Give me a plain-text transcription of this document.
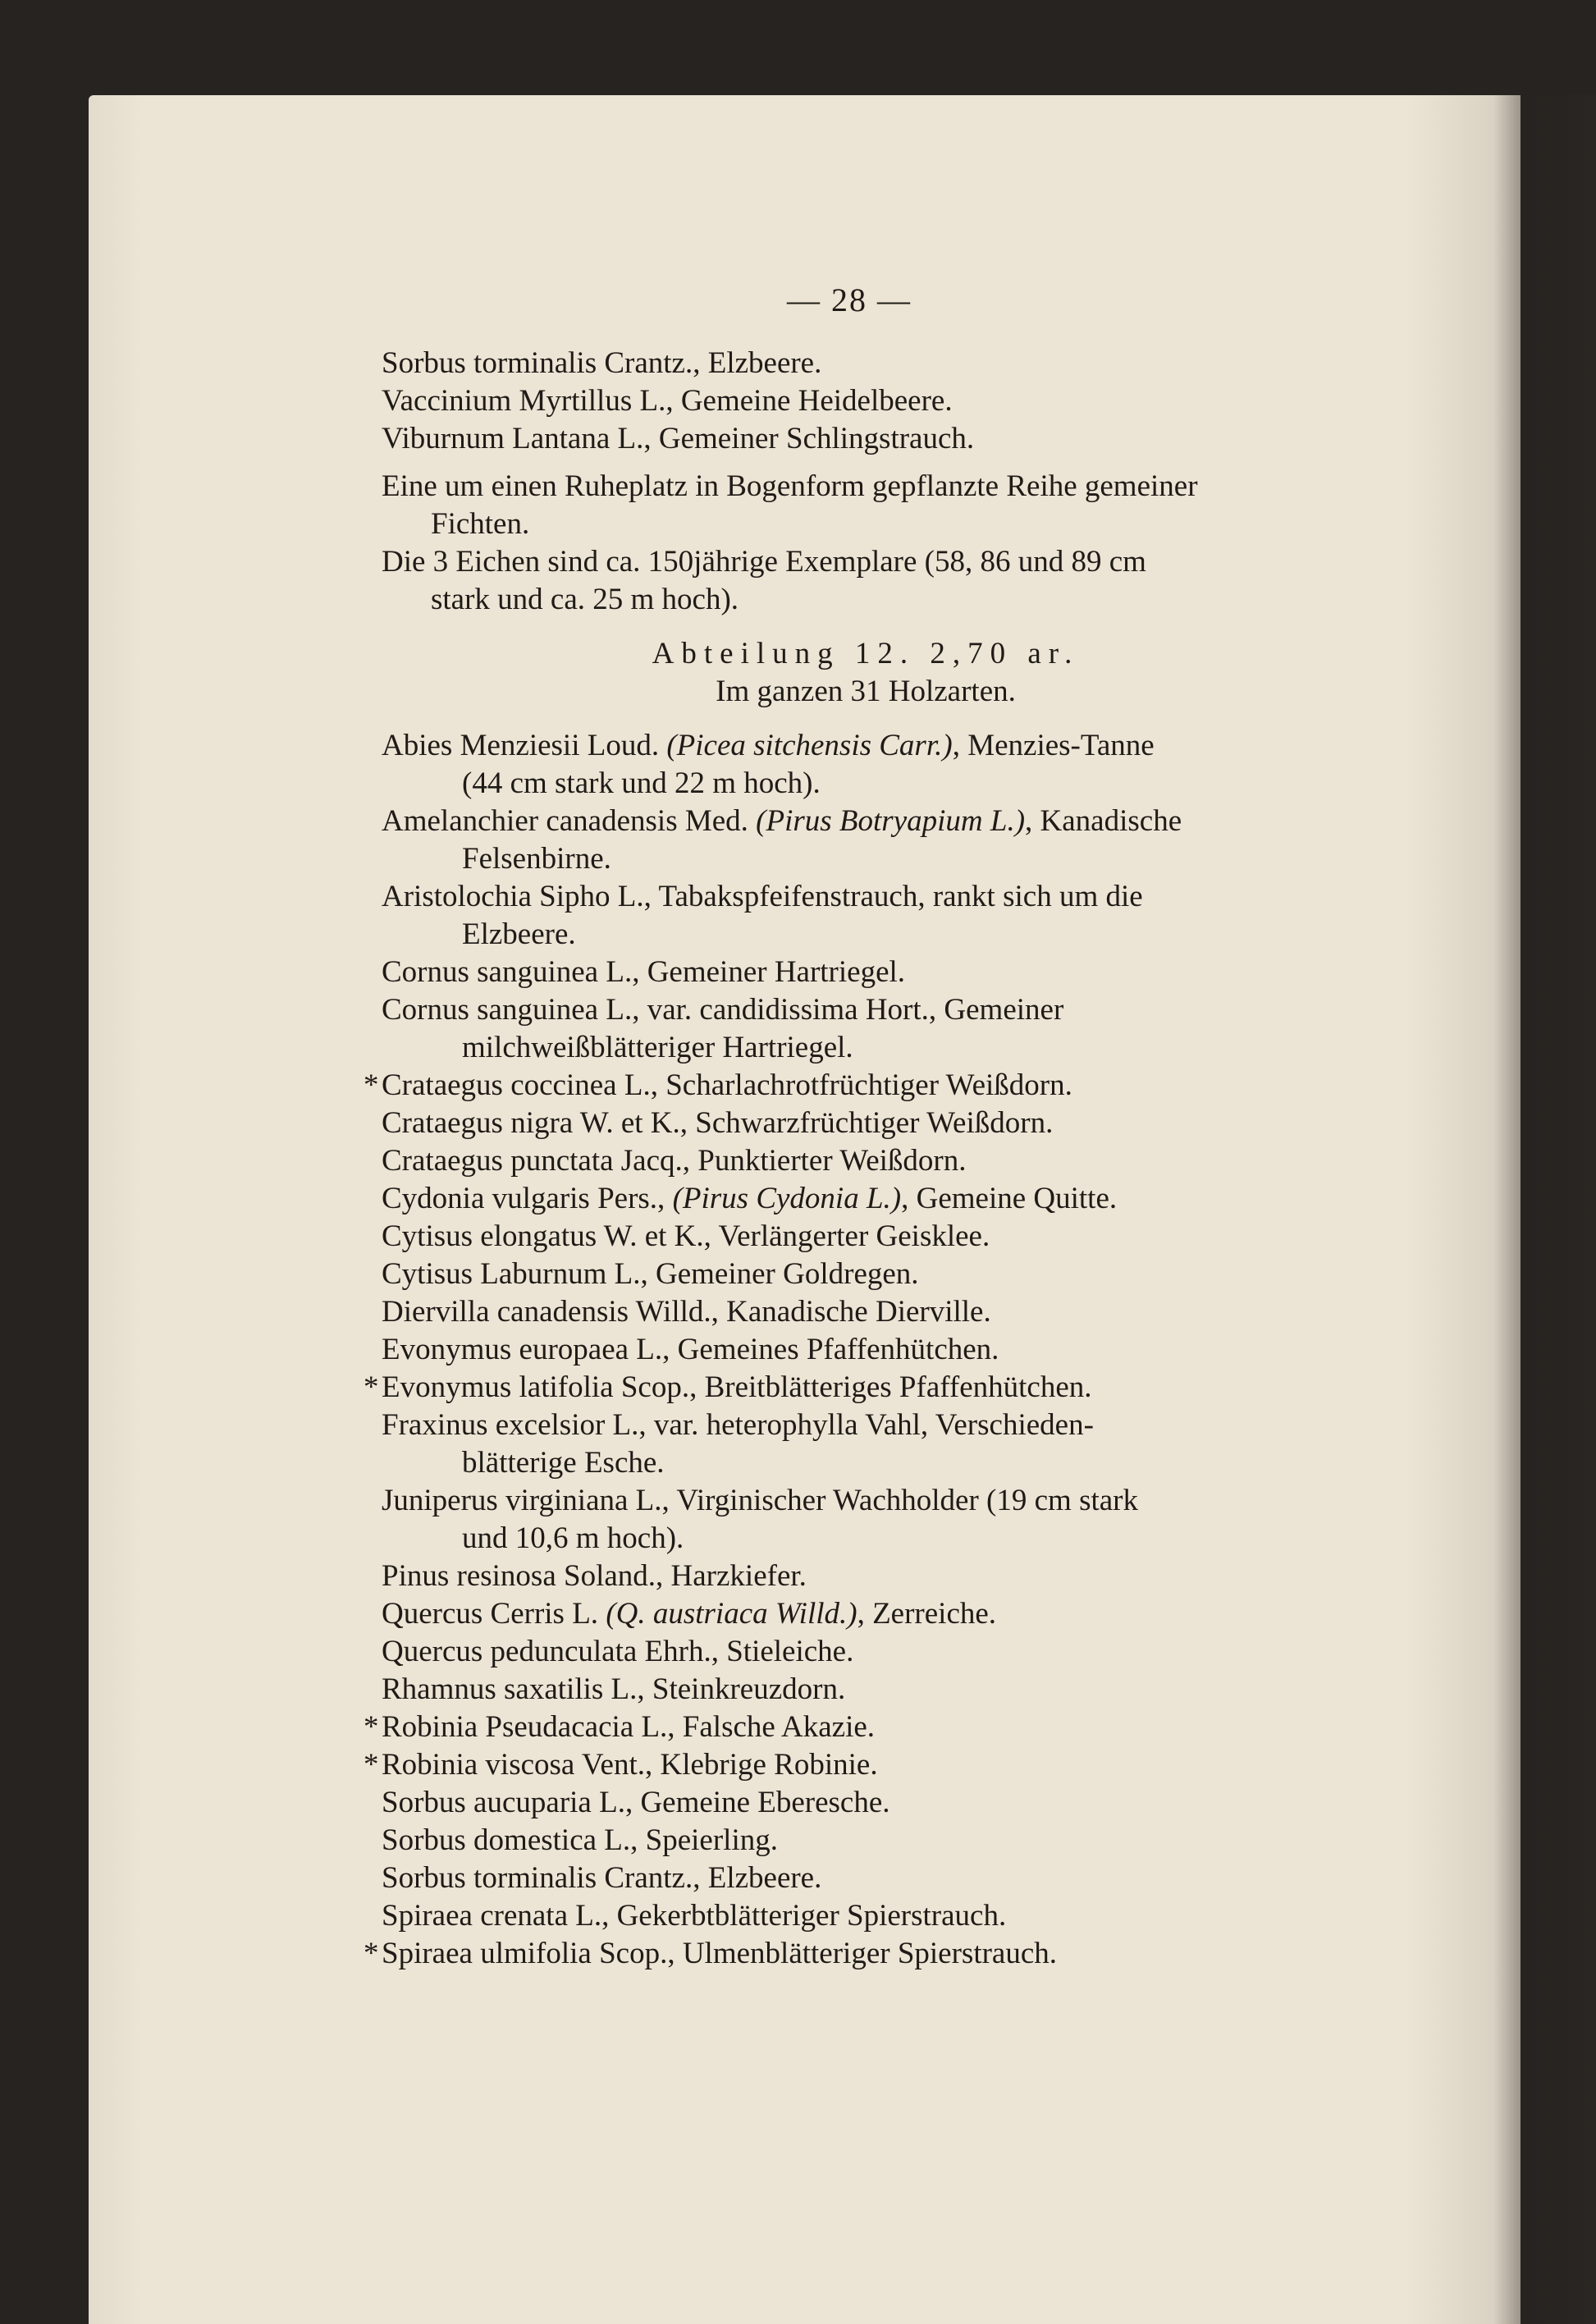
— 28 —
Sorbus torminalis Crantz., Elzbeere.
Vaccinium Myrtillus L., Gemeine Heidelbeere.
Viburnum Lantana L., Gemeiner Schlingstrauch.
Eine um einen Ruheplatz in Bogenform gepflanzte Reihe gemeiner
Fichten.
Die 3 Eichen sind ca. 150jährige Exemplare (58, 86 und 89 cm
stark und ca. 25 m hoch).
Abteilung 12. 2,70 ar.
Im ganzen 31 Holzarten.
Abies Menziesii Loud. (Picea sitchensis Carr.), Menzies-Tanne
(44 cm stark und 22 m hoch).
Amelanchier canadensis Med. (Pirus Botryapium L.), Kanadische
Felsenbirne.
Aristolochia Sipho L., Tabakspfeifenstrauch, rankt sich um die
Elzbeere.
Cornus sanguinea L., Gemeiner Hartriegel.
Cornus sanguinea L., var. candidissima Hort., Gemeiner
milchweißblätteriger Hartriegel.
* Crataegus coccinea L., Scharlachrotfrüchtiger Weißdorn.
Crataegus nigra W. et K., Schwarzfrüchtiger Weißdorn.
Crataegus punctata Jacq., Punktierter Weißdorn.
Cydonia vulgaris Pers., (Pirus Cydonia L.), Gemeine Quitte.
Cytisus elongatus W. et K., Verlängerter Geisklee.
Cytisus Laburnum L., Gemeiner Goldregen.
Diervilla canadensis Willd., Kanadische Dierville.
Evonymus europaea L., Gemeines Pfaffenhütchen.
* Evonymus latifolia Scop., Breitblätteriges Pfaffenhütchen.
Fraxinus excelsior L., var. heterophylla Vahl, Verschieden-
blätterige Esche.
Juniperus virginiana L., Virginischer Wachholder (19 cm stark
und 10,6 m hoch).
Pinus resinosa Soland., Harzkiefer.
Quercus Cerris L. (Q. austriaca Willd.), Zerreiche.
Quercus pedunculata Ehrh., Stieleiche.
Rhamnus saxatilis L., Steinkreuzdorn.
* Robinia Pseudacacia L., Falsche Akazie.
* Robinia viscosa Vent., Klebrige Robinie.
Sorbus aucuparia L., Gemeine Eberesche.
Sorbus domestica L., Speierling.
Sorbus torminalis Crantz., Elzbeere.
Spiraea crenata L., Gekerbtblätteriger Spierstrauch.
* Spiraea ulmifolia Scop., Ulmenblätteriger Spierstrauch.
